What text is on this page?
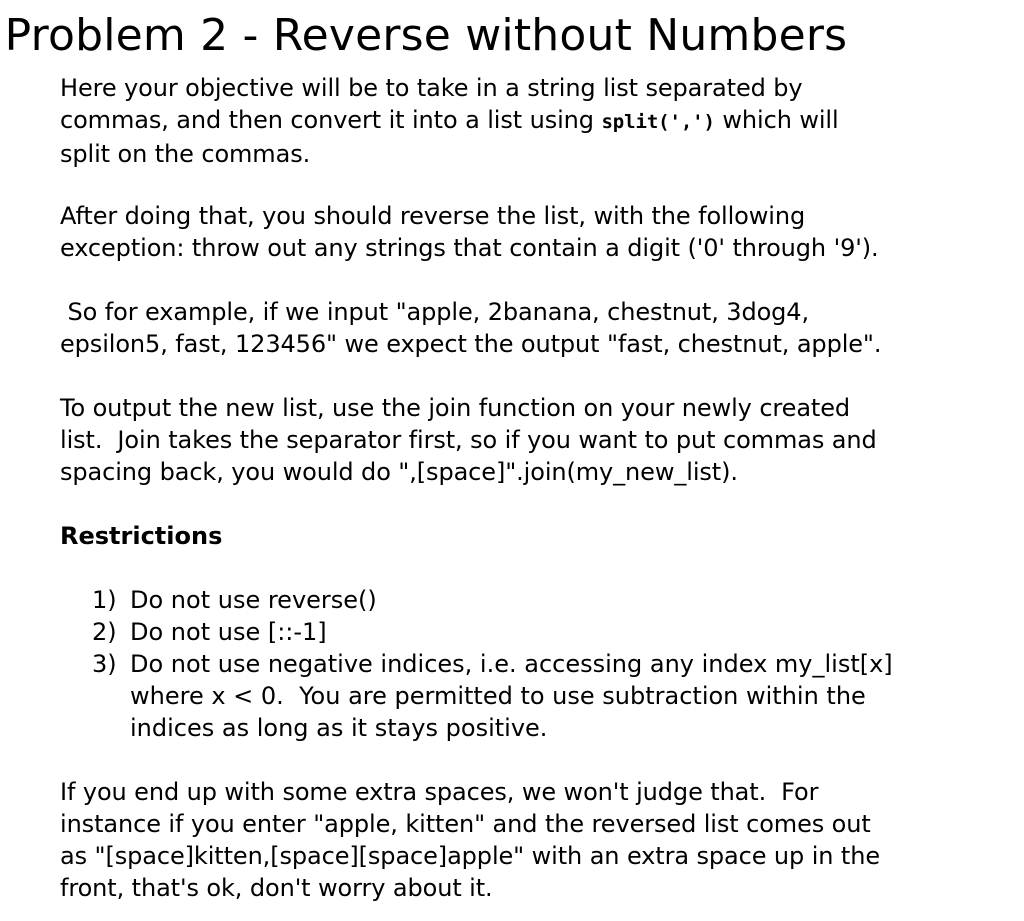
Problem 2 - Reverse without Numbers
Here your objective will be to take in a string list separated by
commas, and then convert it into a list using split(',') which will
split on the commas.
After doing that, you should reverse the list, with the following
exception: throw out any strings that contain a digit ('0' through '9').
So for example, if we input "apple, 2banana, chestnut, 3dog4,
epsilon5, fast, 123456" we expect the output "fast, chestnut, apple".
To output the new list, use the join function on your newly created
list.  Join takes the separator first, so if you want to put commas and
spacing back, you would do ",[space]".join(my_new_list).
Restrictions
1) Do not use reverse()
2) Do not use [::-1]
3) Do not use negative indices, i.e. accessing any index my_list[x]
where x < 0.  You are permitted to use subtraction within the
indices as long as it stays positive.
If you end up with some extra spaces, we won't judge that.  For
instance if you enter "apple, kitten" and the reversed list comes out
as "[space]kitten,[space][space]apple" with an extra space up in the
front, that's ok, don't worry about it.
